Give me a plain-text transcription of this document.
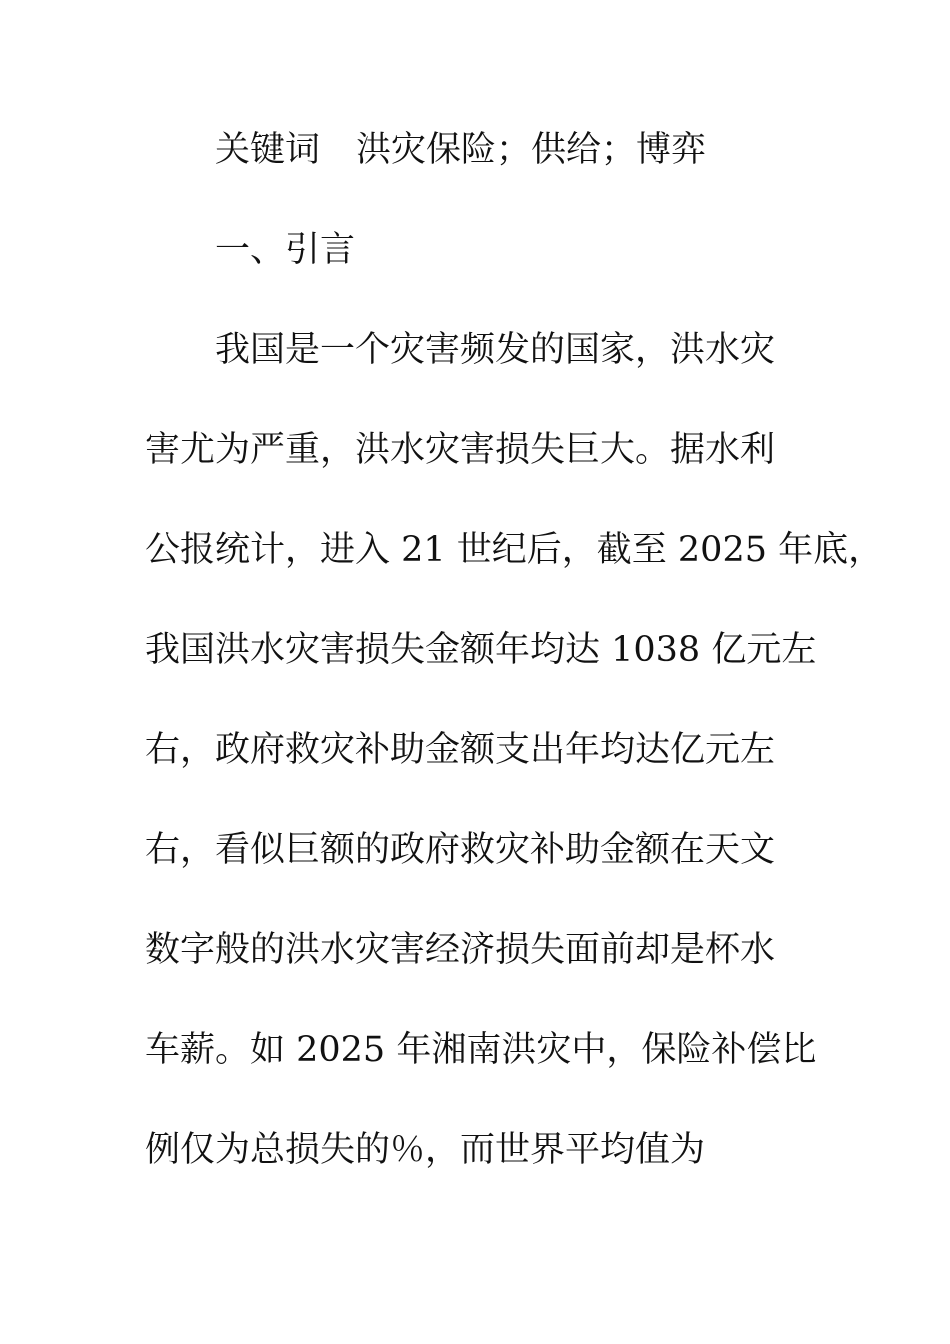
关键词 洪灾保险；供给；博弈
一、引言
我国是一个灾害频发的国家，洪水灾
害尤为严重，洪水灾害损失巨大。据水利
公报统计，进入 21 世纪后，截至 2025 年底，
我国洪水灾害损失金额年均达 1038 亿元左
右，政府救灾补助金额支出年均达亿元左
右，看似巨额的政府救灾补助金额在天文
数字般的洪水灾害经济损失面前却是杯水
车薪。如 2025 年湘南洪灾中，保险补偿比
例仅为总损失的％，而世界平均值为
